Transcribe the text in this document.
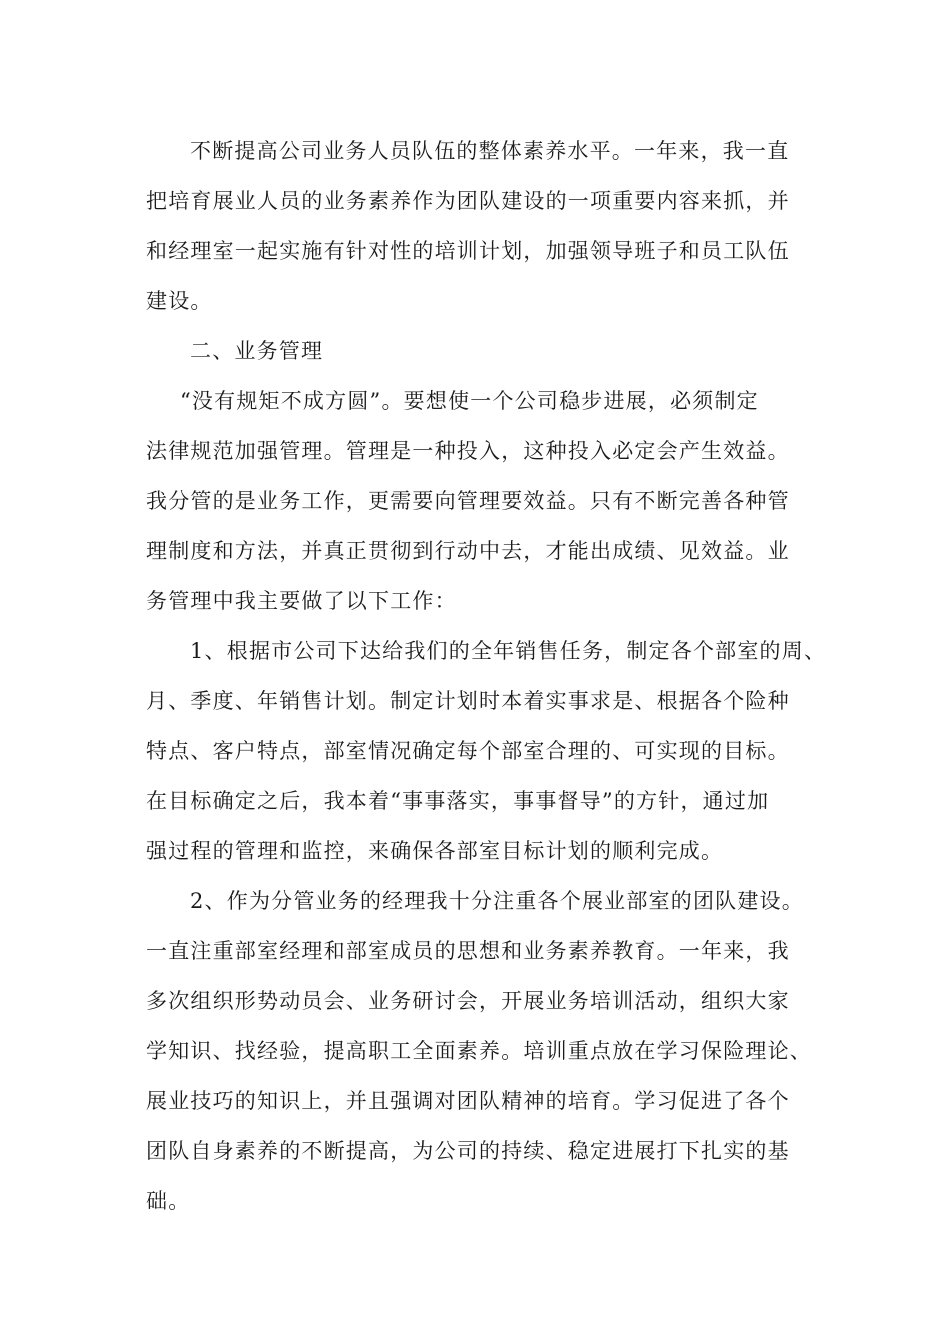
不断提高公司业务人员队伍的整体素养水平。一年来，我一直

把培育展业人员的业务素养作为团队建设的一项重要内容来抓，并

和经理室一起实施有针对性的培训计划，加强领导班子和员工队伍

建设。

二、业务管理

“没有规矩不成方圆”。要想使一个公司稳步进展，必须制定

法律规范加强管理。管理是一种投入，这种投入必定会产生效益。

我分管的是业务工作，更需要向管理要效益。只有不断完善各种管

理制度和方法，并真正贯彻到行动中去，才能出成绩、见效益。业

务管理中我主要做了以下工作：

1、根据市公司下达给我们的全年销售任务，制定各个部室的周、

月、季度、年销售计划。制定计划时本着实事求是、根据各个险种

特点、客户特点，部室情况确定每个部室合理的、可实现的目标。

在目标确定之后，我本着“事事落实，事事督导”的方针，通过加

强过程的管理和监控，来确保各部室目标计划的顺利完成。

2、作为分管业务的经理我十分注重各个展业部室的团队建设。

一直注重部室经理和部室成员的思想和业务素养教育。一年来，我

多次组织形势动员会、业务研讨会，开展业务培训活动，组织大家

学知识、找经验，提高职工全面素养。培训重点放在学习保险理论、

展业技巧的知识上，并且强调对团队精神的培育。学习促进了各个

团队自身素养的不断提高，为公司的持续、稳定进展打下扎实的基

础。
